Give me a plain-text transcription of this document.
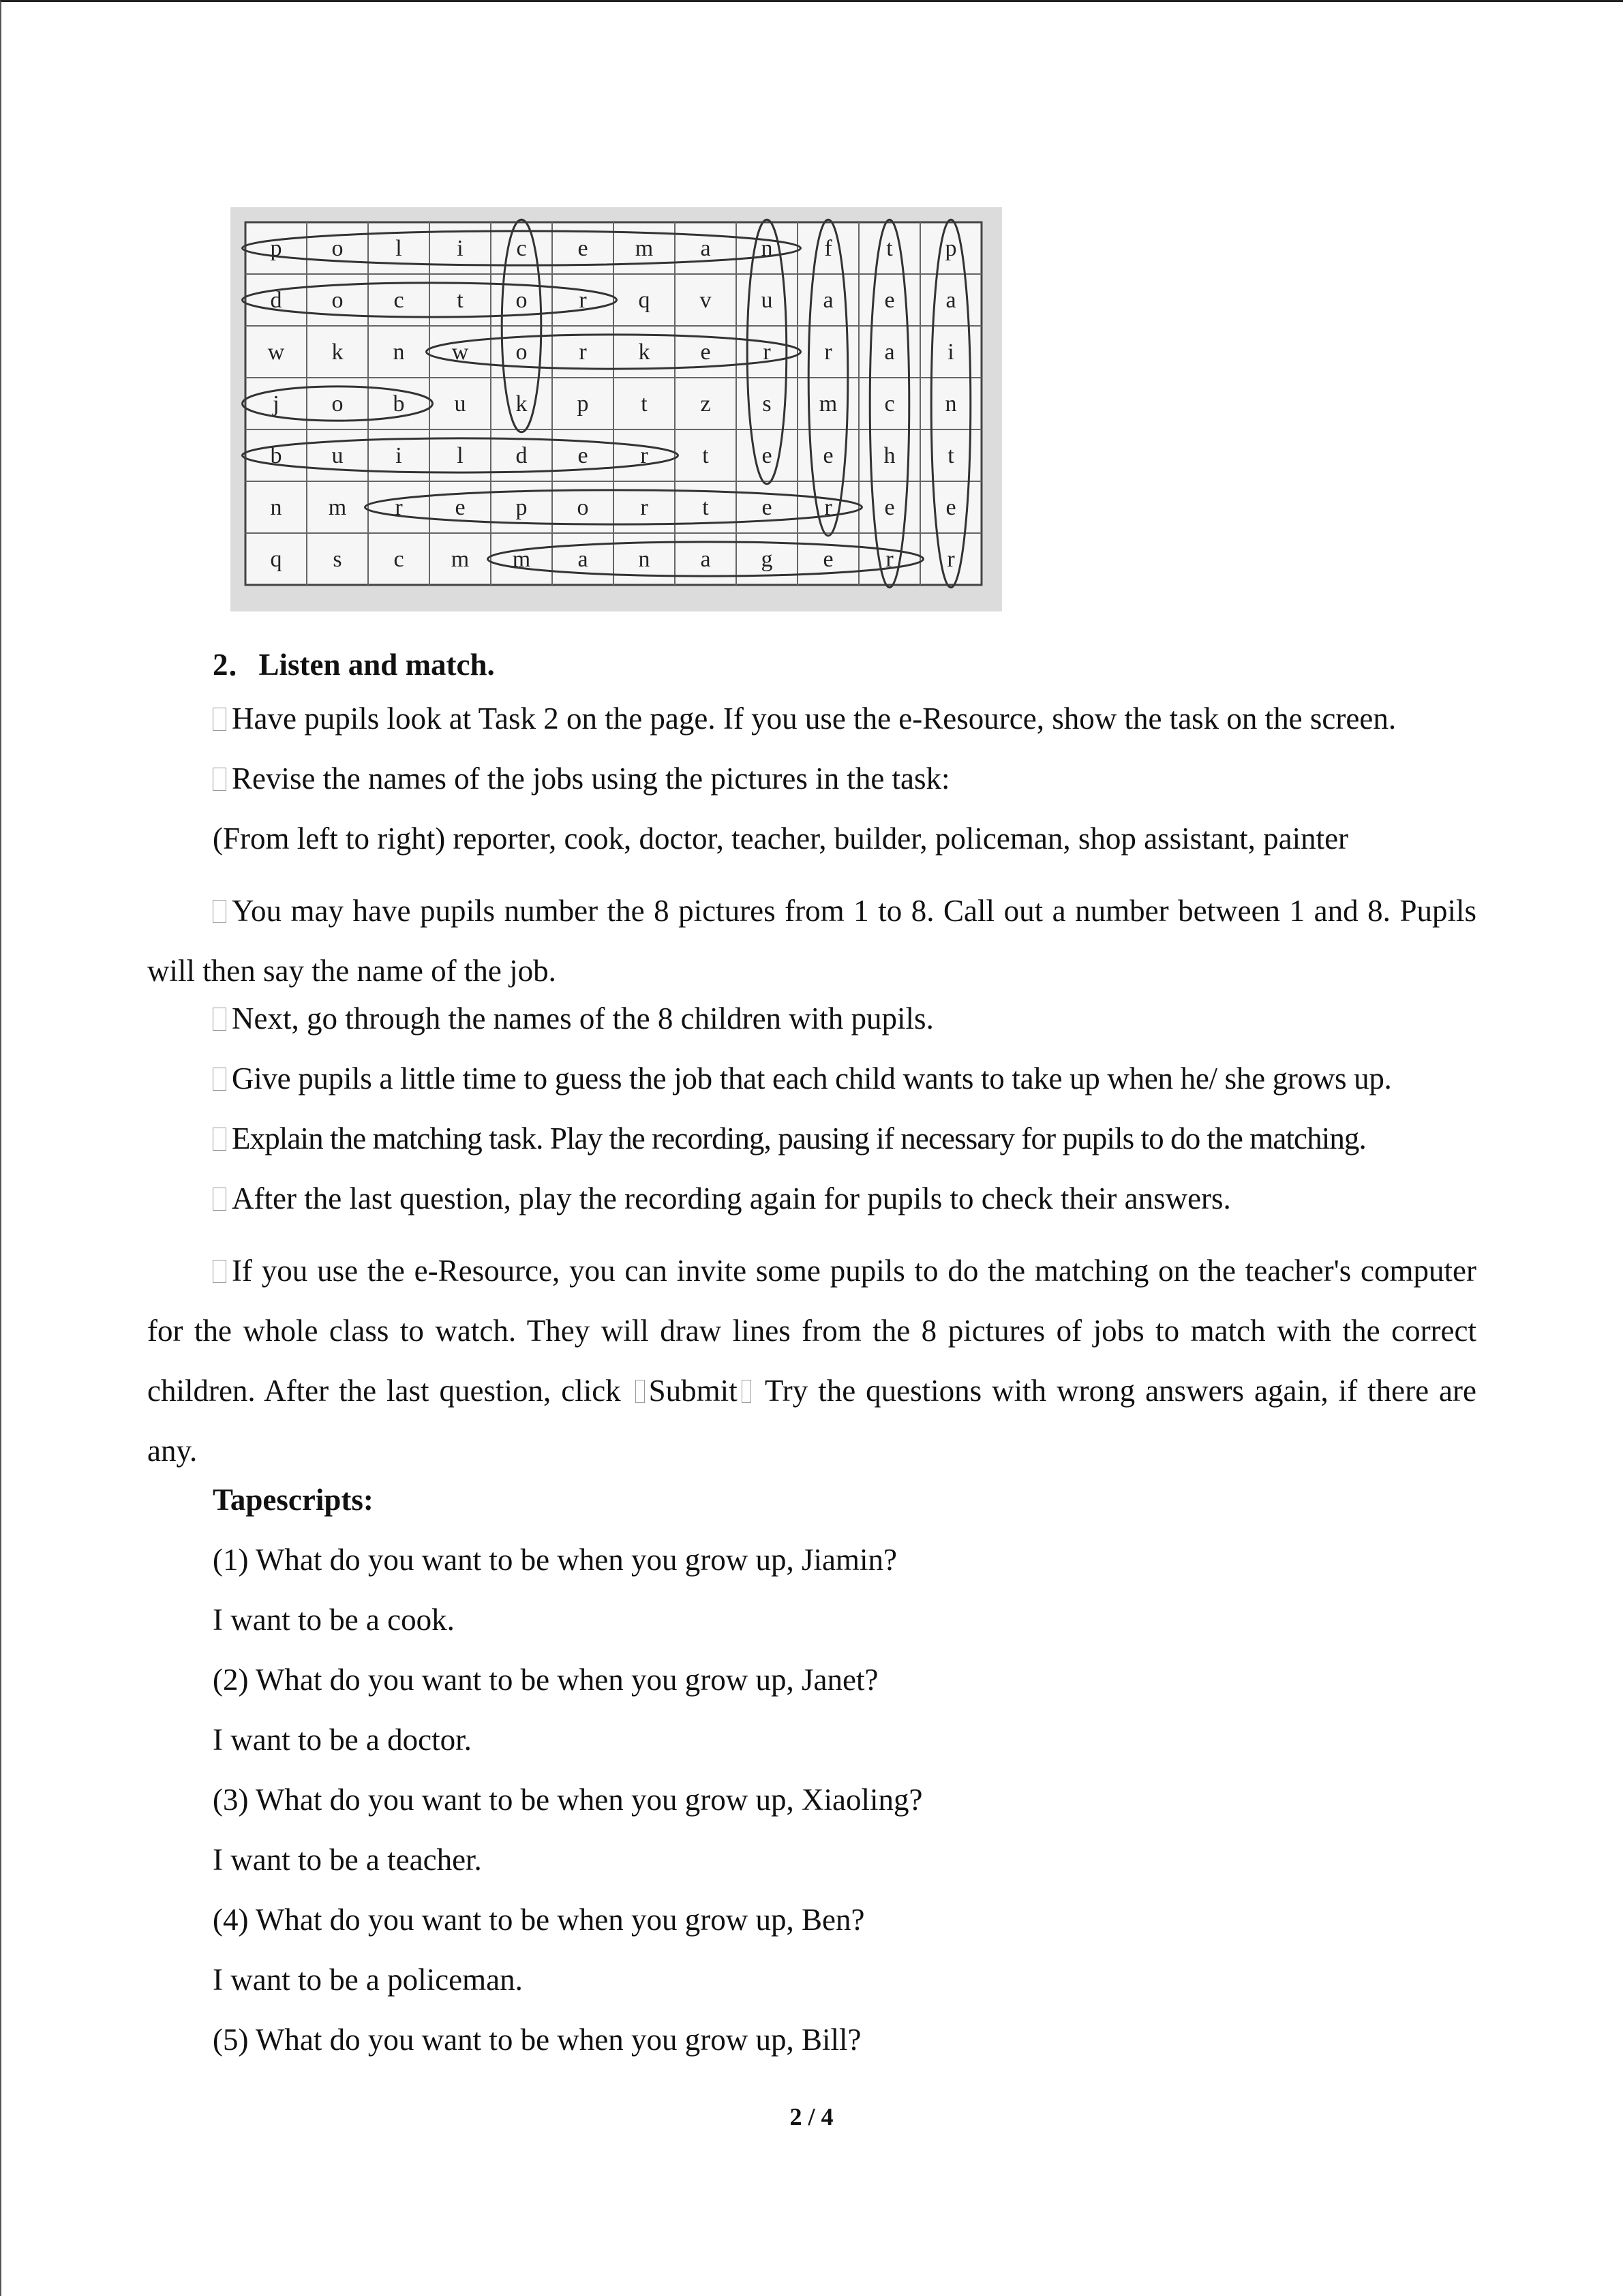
p o l i c e m a n f t p
d o c t o r q v u a e a
w k n w o r k e r r a i
j o b u k p t z s m c n
b u i l d e r t e e h t
n m r e p o r t e r e e
q s c m m a n a g e r r

2．Listen and match.

Have pupils look at Task 2 on the page. If you use the e-Resource, show the task on the screen.

Revise the names of the jobs using the pictures in the task:

(From left to right) reporter, cook, doctor, teacher, builder, policeman, shop assistant, painter

You may have pupils number the 8 pictures from 1 to 8. Call out a number between 1 and 8. Pupils will then say the name of the job.

Next, go through the names of the 8 children with pupils.

Give pupils a little time to guess the job that each child wants to take up when he/ she grows up.

Explain the matching task. Play the recording, pausing if necessary for pupils to do the matching.

After the last question, play the recording again for pupils to check their answers.

If you use the e-Resource, you can invite some pupils to do the matching on the teacher's computer for the whole class to watch. They will draw lines from the 8 pictures of jobs to match with the correct children. After the last question, click Submit Try the questions with wrong answers again, if there are any.

Tapescripts:

(1) What do you want to be when you grow up, Jiamin?

I want to be a cook.

(2) What do you want to be when you grow up, Janet?

I want to be a doctor.

(3) What do you want to be when you grow up, Xiaoling?

I want to be a teacher.

(4) What do you want to be when you grow up, Ben?

I want to be a policeman.

(5) What do you want to be when you grow up, Bill?

2 / 4
